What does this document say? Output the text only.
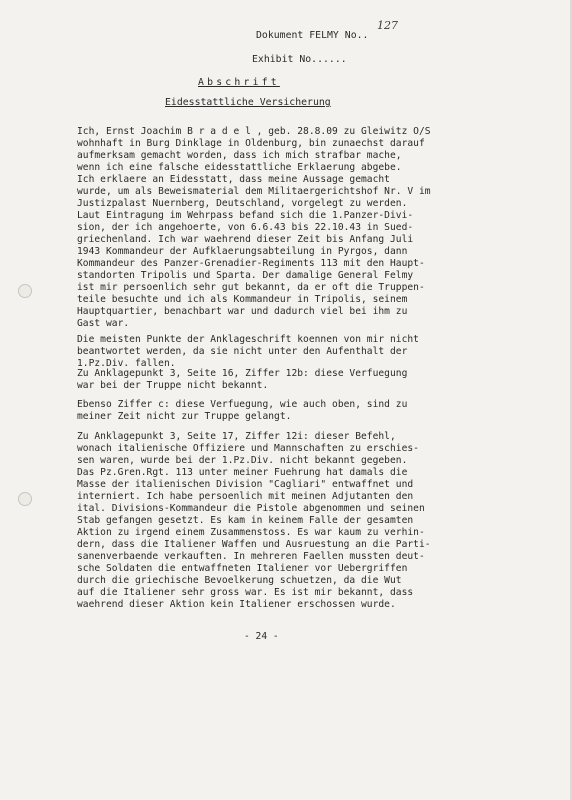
Dokument FELMY No..
127
Exhibit No......
Abschrift
Eidesstattliche Versicherung
Ich, Ernst Joachim B r a d e l , geb. 28.8.09 zu Gleiwitz O/S
wohnhaft in Burg Dinklage in Oldenburg, bin zunaechst darauf
aufmerksam gemacht worden, dass ich mich strafbar mache,
wenn ich eine falsche eidesstattliche Erklaerung abgebe.
Ich erklaere an Eidesstatt, dass meine Aussage gemacht
wurde, um als Beweismaterial dem Militaergerichtshof Nr. V im
Justizpalast Nuernberg, Deutschland, vorgelegt zu werden.
Laut Eintragung im Wehrpass befand sich die 1.Panzer-Divi-
sion, der ich angehoerte, von 6.6.43 bis 22.10.43 in Sued-
griechenland. Ich war waehrend dieser Zeit bis Anfang Juli
1943 Kommandeur der Aufklaerungsabteilung in Pyrgos, dann
Kommandeur des Panzer-Grenadier-Regiments 113 mit den Haupt-
standorten Tripolis und Sparta. Der damalige General Felmy
ist mir persoenlich sehr gut bekannt, da er oft die Truppen-
teile besuchte und ich als Kommandeur in Tripolis, seinem
Hauptquartier, benachbart war und dadurch viel bei ihm zu
Gast war.
Die meisten Punkte der Anklageschrift koennen von mir nicht
beantwortet werden, da sie nicht unter den Aufenthalt der
1.Pz.Div. fallen.
Zu Anklagepunkt 3, Seite 16, Ziffer 12b: diese Verfuegung
war bei der Truppe nicht bekannt.
Ebenso Ziffer c: diese Verfuegung, wie auch oben, sind zu
meiner Zeit nicht zur Truppe gelangt.
Zu Anklagepunkt 3, Seite 17, Ziffer 12i: dieser Befehl,
wonach italienische Offiziere und Mannschaften zu erschies-
sen waren, wurde bei der 1.Pz.Div. nicht bekannt gegeben.
Das Pz.Gren.Rgt. 113 unter meiner Fuehrung hat damals die
Masse der italienischen Division "Cagliari" entwaffnet und
interniert. Ich habe persoenlich mit meinen Adjutanten den
ital. Divisions-Kommandeur die Pistole abgenommen und seinen
Stab gefangen gesetzt. Es kam in keinem Falle der gesamten
Aktion zu irgend einem Zusammenstoss. Es war kaum zu verhin-
dern, dass die Italiener Waffen und Ausruestung an die Parti-
sanenverbaende verkauften. In mehreren Faellen mussten deut-
sche Soldaten die entwaffneten Italiener vor Uebergriffen
durch die griechische Bevoelkerung schuetzen, da die Wut
auf die Italiener sehr gross war. Es ist mir bekannt, dass
waehrend dieser Aktion kein Italiener erschossen wurde.
- 24 -
